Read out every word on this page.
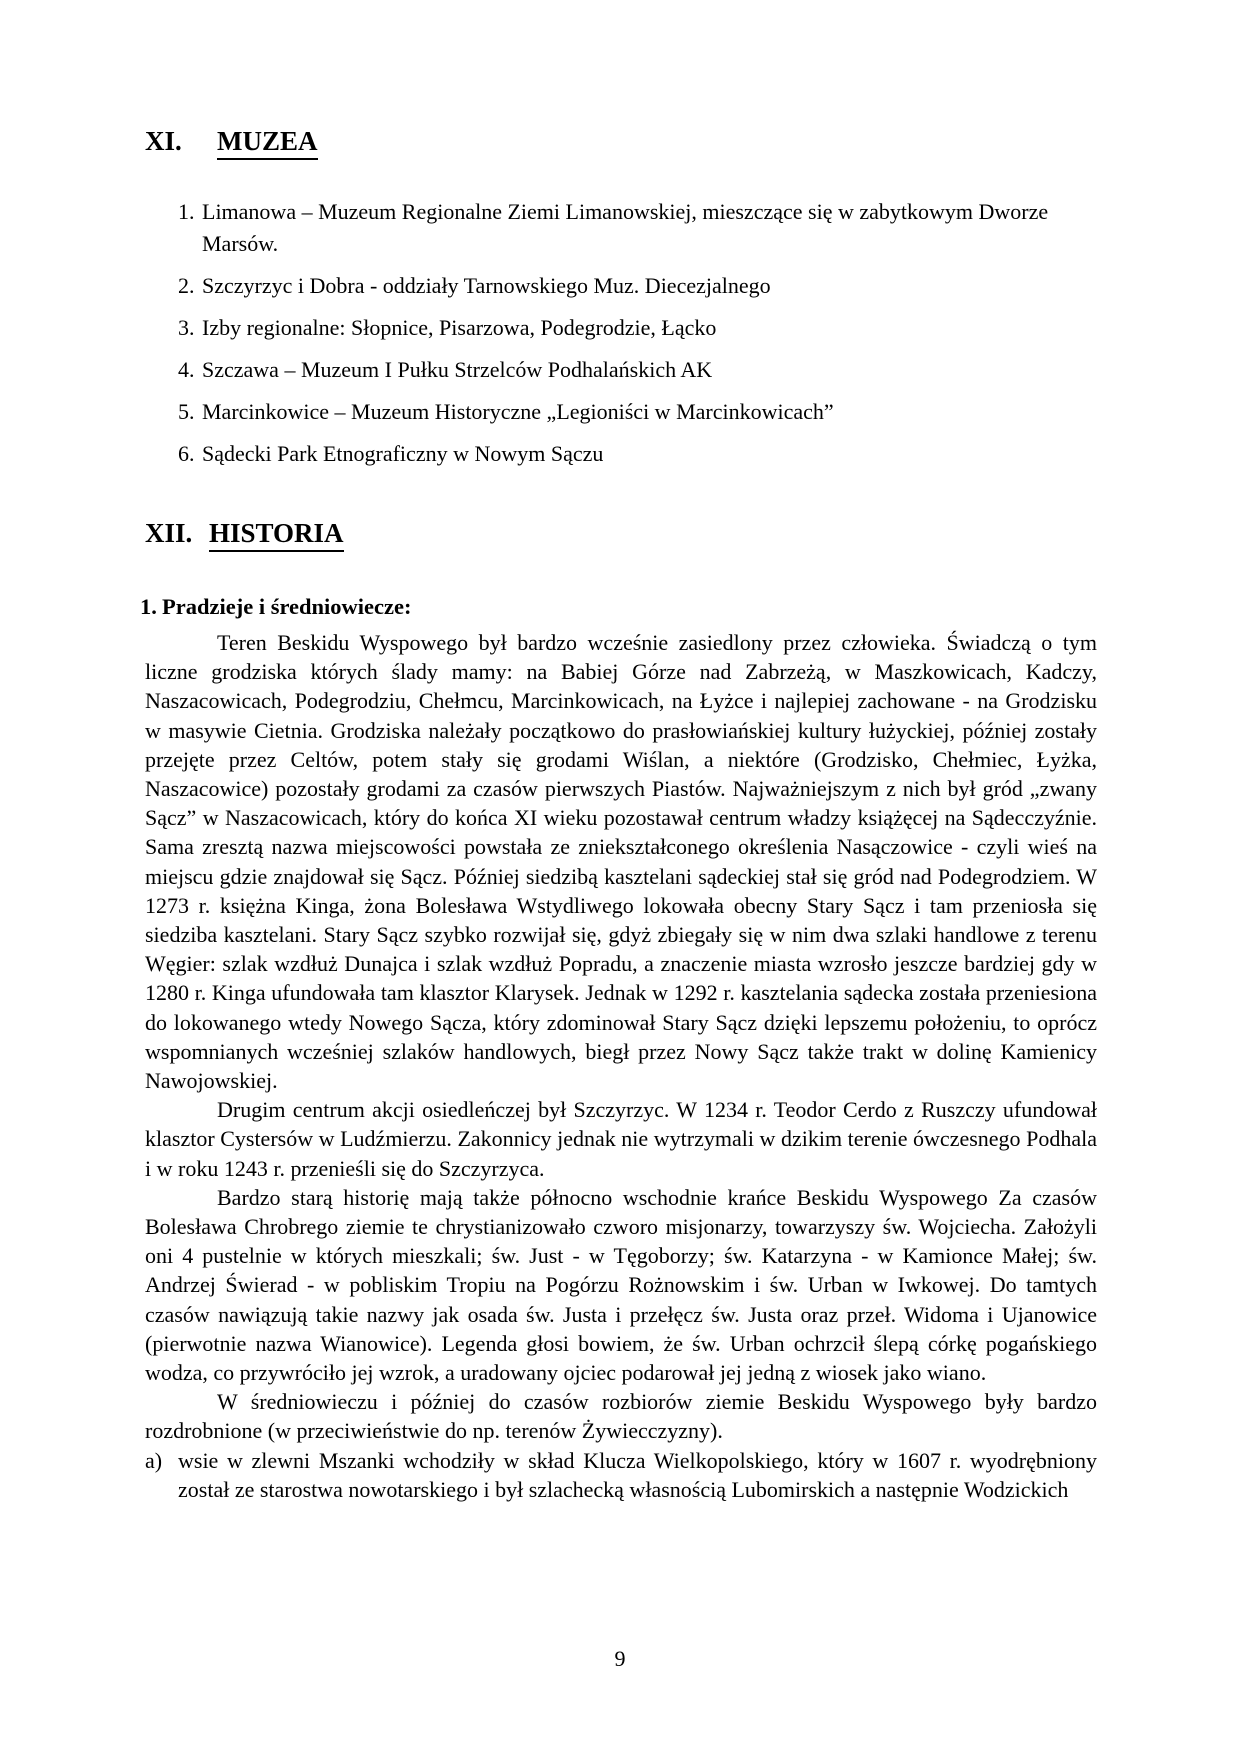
XI. MUZEA
1. Limanowa – Muzeum Regionalne Ziemi Limanowskiej, mieszczące się w zabytkowym Dworze Marsów.
2. Szczyrzyc i Dobra - oddziały Tarnowskiego Muz. Diecezjalnego
3. Izby regionalne: Słopnice, Pisarzowa, Podegrodzie, Łącko
4. Szczawa – Muzeum I Pułku Strzelców Podhalańskich AK
5. Marcinkowice – Muzeum Historyczne „Legioniści w Marcinkowicach”
6. Sądecki Park Etnograficzny w Nowym Sączu
XII. HISTORIA
1. Pradzieje i średniowiecze:

Teren Beskidu Wyspowego był bardzo wcześnie zasiedlony przez człowieka. Świadczą o tym liczne grodziska których ślady mamy: na Babiej Górze nad Zabrzeżą, w Maszkowicach, Kadczy, Naszacowicach, Podegrodziu, Chełmcu, Marcinkowicach, na Łyżce i najlepiej zachowane - na Grodzisku w masywie Cietnia. Grodziska należały początkowo do prasłowiańskiej kultury łużyckiej, później zostały przejęte przez Celtów, potem stały się grodami Wiślan, a niektóre (Grodzisko, Chełmiec, Łyżka, Naszacowice) pozostały grodami za czasów pierwszych Piastów. Najważniejszym z nich był gród „zwany Sącz” w Naszacowicach, który do końca XI wieku pozostawał centrum władzy książęcej na Sądecczyźnie. Sama zresztą nazwa miejscowości powstała ze zniekształconego określenia Nasączowice - czyli wieś na miejscu gdzie znajdował się Sącz. Później siedzibą kasztelani sądeckiej stał się gród nad Podegrodziem. W 1273 r. księżna Kinga, żona Bolesława Wstydliwego lokowała obecny Stary Sącz i tam przeniosła się siedziba kasztelani. Stary Sącz szybko rozwijał się, gdyż zbiegały się w nim dwa szlaki handlowe z terenu Węgier: szlak wzdłuż Dunajca i szlak wzdłuż Popradu, a znaczenie miasta wzrosło jeszcze bardziej gdy w 1280 r. Kinga ufundowała tam klasztor Klarysek. Jednak w 1292 r. kasztelania sądecka została przeniesiona do lokowanego wtedy Nowego Sącza, który zdominował Stary Sącz dzięki lepszemu położeniu, to oprócz wspomnianych wcześniej szlaków handlowych, biegł przez Nowy Sącz także trakt w dolinę Kamienicy Nawojowskiej.

Drugim centrum akcji osiedleńczej był Szczyrzyc. W 1234 r. Teodor Cerdo z Ruszczy ufundował klasztor Cystersów w Ludźmierzu. Zakonnicy jednak nie wytrzymali w dzikim terenie ówczesnego Podhala i w roku 1243 r. przenieśli się do Szczyrzyca.

Bardzo starą historię mają także północno wschodnie krańce Beskidu Wyspowego Za czasów Bolesława Chrobrego ziemie te chrystianizowało czworo misjonarzy, towarzyszy św. Wojciecha. Założyli oni 4 pustelnie w których mieszkali; św. Just - w Tęgoborzy; św. Katarzyna - w Kamionce Małej; św. Andrzej Świerad - w pobliskim Tropiu na Pogórzu Rożnowskim i św. Urban w Iwkowej. Do tamtych czasów nawiązują takie nazwy jak osada św. Justa i przełęcz św. Justa oraz przeł. Widoma i Ujanowice (pierwotnie nazwa Wianowice). Legenda głosi bowiem, że św. Urban ochrzcił ślepą córkę pogańskiego wodza, co przywróciło jej wzrok, a uradowany ojciec podarował jej jedną z wiosek jako wiano.

W średniowieczu i później do czasów rozbiorów ziemie Beskidu Wyspowego były bardzo rozdrobnione (w przeciwieństwie do np. terenów Żywiecczyzny).

a) wsie w zlewni Mszanki wchodziły w skład Klucza Wielkopolskiego, który w 1607 r. wyodrębniony został ze starostwa nowotarskiego i był szlachecką własnością Lubomirskich a następnie Wodzickich

9
